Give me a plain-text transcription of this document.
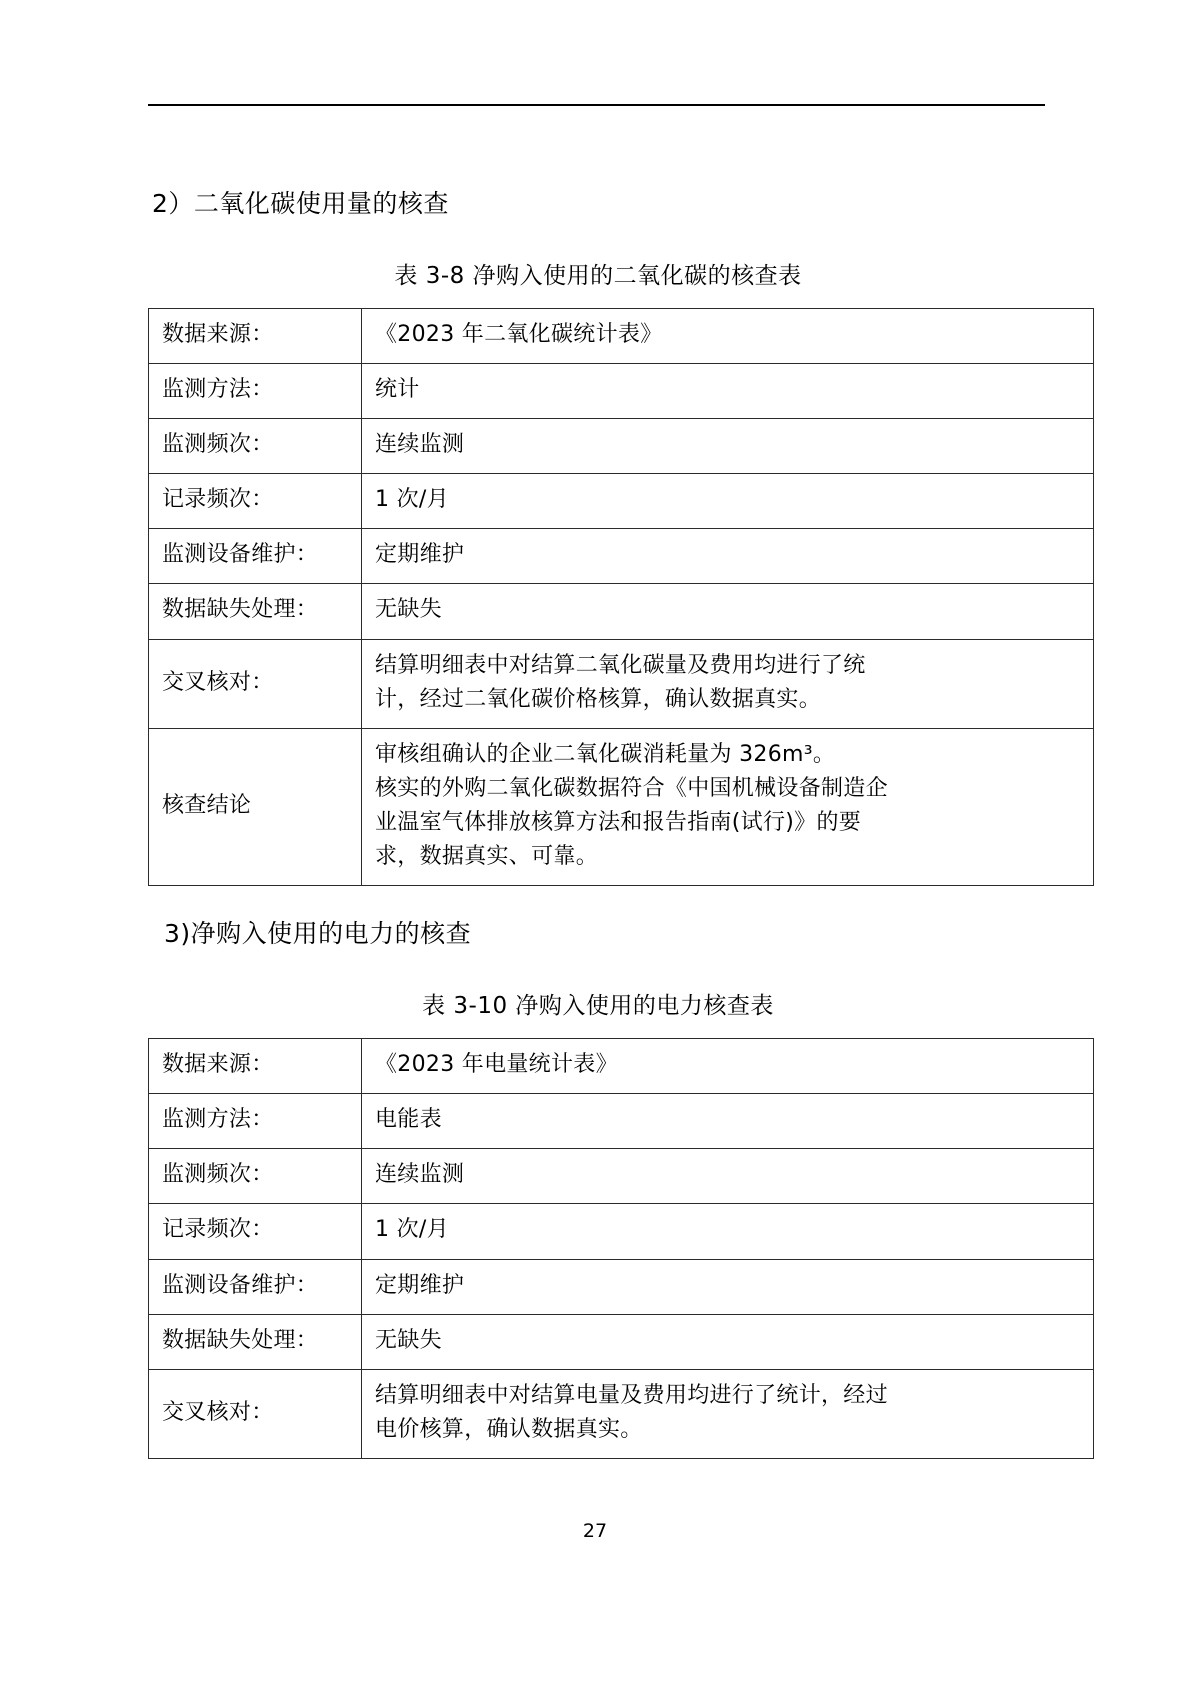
2）二氧化碳使用量的核查

表 3-8 净购入使用的二氧化碳的核查表
数据来源：	《2023 年二氧化碳统计表》

监测方法：	统计

监测频次：	连续监测

记录频次：	1 次/月

监测设备维护：	定期维护

数据缺失处理：	无缺失

交叉核对：	结算明细表中对结算二氧化碳量及费用均进行了统
计，经过二氧化碳价格核算，确认数据真实。

核查结论	审核组确认的企业二氧化碳消耗量为 326m³。
核实的外购二氧化碳数据符合《中国机械设备制造企
业温室气体排放核算方法和报告指南(试行)》的要
求，数据真实、可靠。

3)净购入使用的电力的核查

表 3-10 净购入使用的电力核查表
数据来源：	《2023 年电量统计表》

监测方法：	电能表

监测频次：	连续监测

记录频次：	1 次/月

监测设备维护：	定期维护

数据缺失处理：	无缺失

交叉核对：	结算明细表中对结算电量及费用均进行了统计，经过
电价核算，确认数据真实。
27
